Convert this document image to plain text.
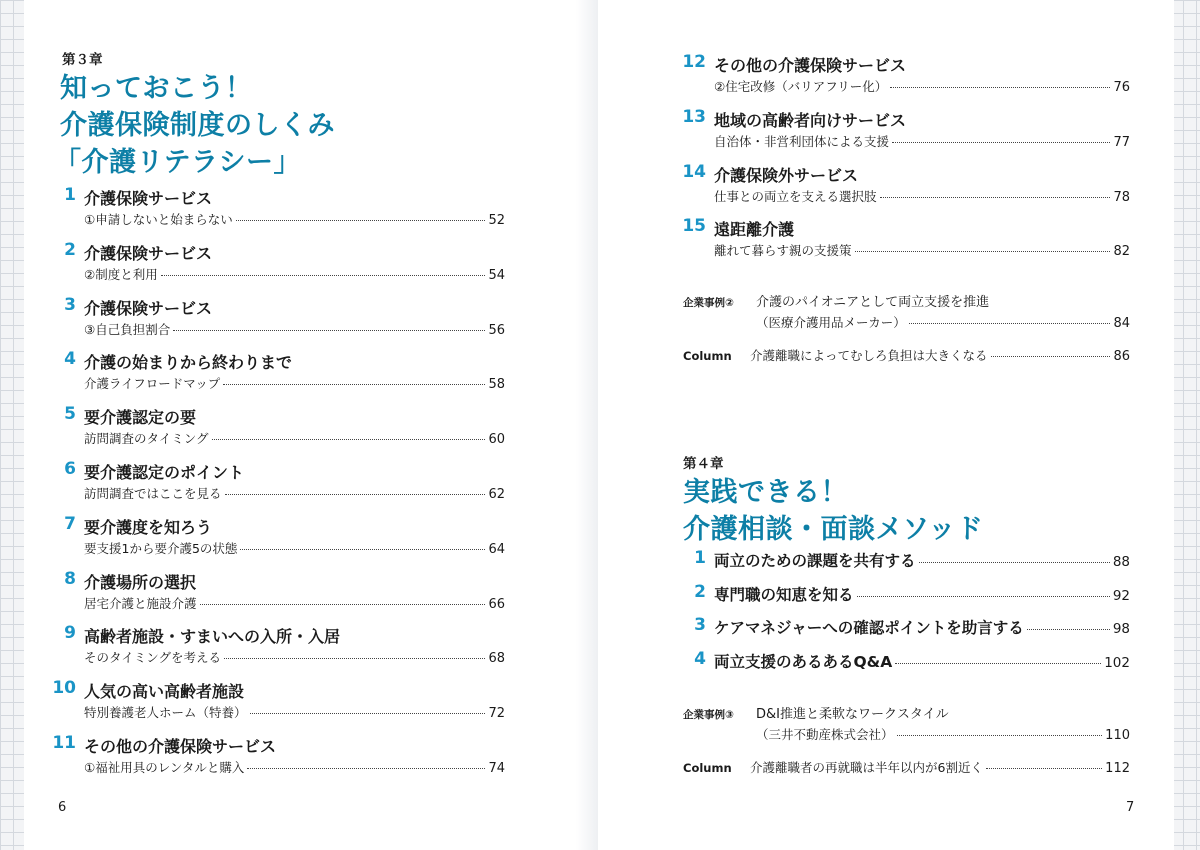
第３章
知っておこう！
介護保険制度のしくみ
「介護リテラシー」
1 介護保険サービス
①申請しないと始まらない	52
2 介護保険サービス
②制度と利用	54
3 介護保険サービス
③自己負担割合	56
4 介護の始まりから終わりまで
介護ライフロードマップ	58
5 要介護認定の要
訪問調査のタイミング	60
6 要介護認定のポイント
訪問調査ではここを見る	62
7 要介護度を知ろう
要支援1から要介護5の状態	64
8 介護場所の選択
居宅介護と施設介護	66
9 高齢者施設・すまいへの入所・入居
そのタイミングを考える	68
10 人気の高い高齢者施設
特別養護老人ホーム（特養）	72
11 その他の介護保険サービス
①福祉用具のレンタルと購入	74
6
12 その他の介護保険サービス
②住宅改修（バリアフリー化）	76
13 地域の高齢者向けサービス
自治体・非営利団体による支援	77
14 介護保険外サービス
仕事との両立を支える選択肢	78
15 遠距離介護
離れて暮らす親の支援策	82
企業事例② 介護のパイオニアとして両立支援を推進
（医療介護用品メーカー）	84
Column 介護離職によってむしろ負担は大きくなる	86
第４章
実践できる！
介護相談・面談メソッド
1 両立のための課題を共有する	88
2 専門職の知恵を知る	92
3 ケアマネジャーへの確認ポイントを助言する	98
4 両立支援のあるあるQ&A	102
企業事例③ D&I推進と柔軟なワークスタイル
（三井不動産株式会社）	110
Column 介護離職者の再就職は半年以内が6割近く	112
7
